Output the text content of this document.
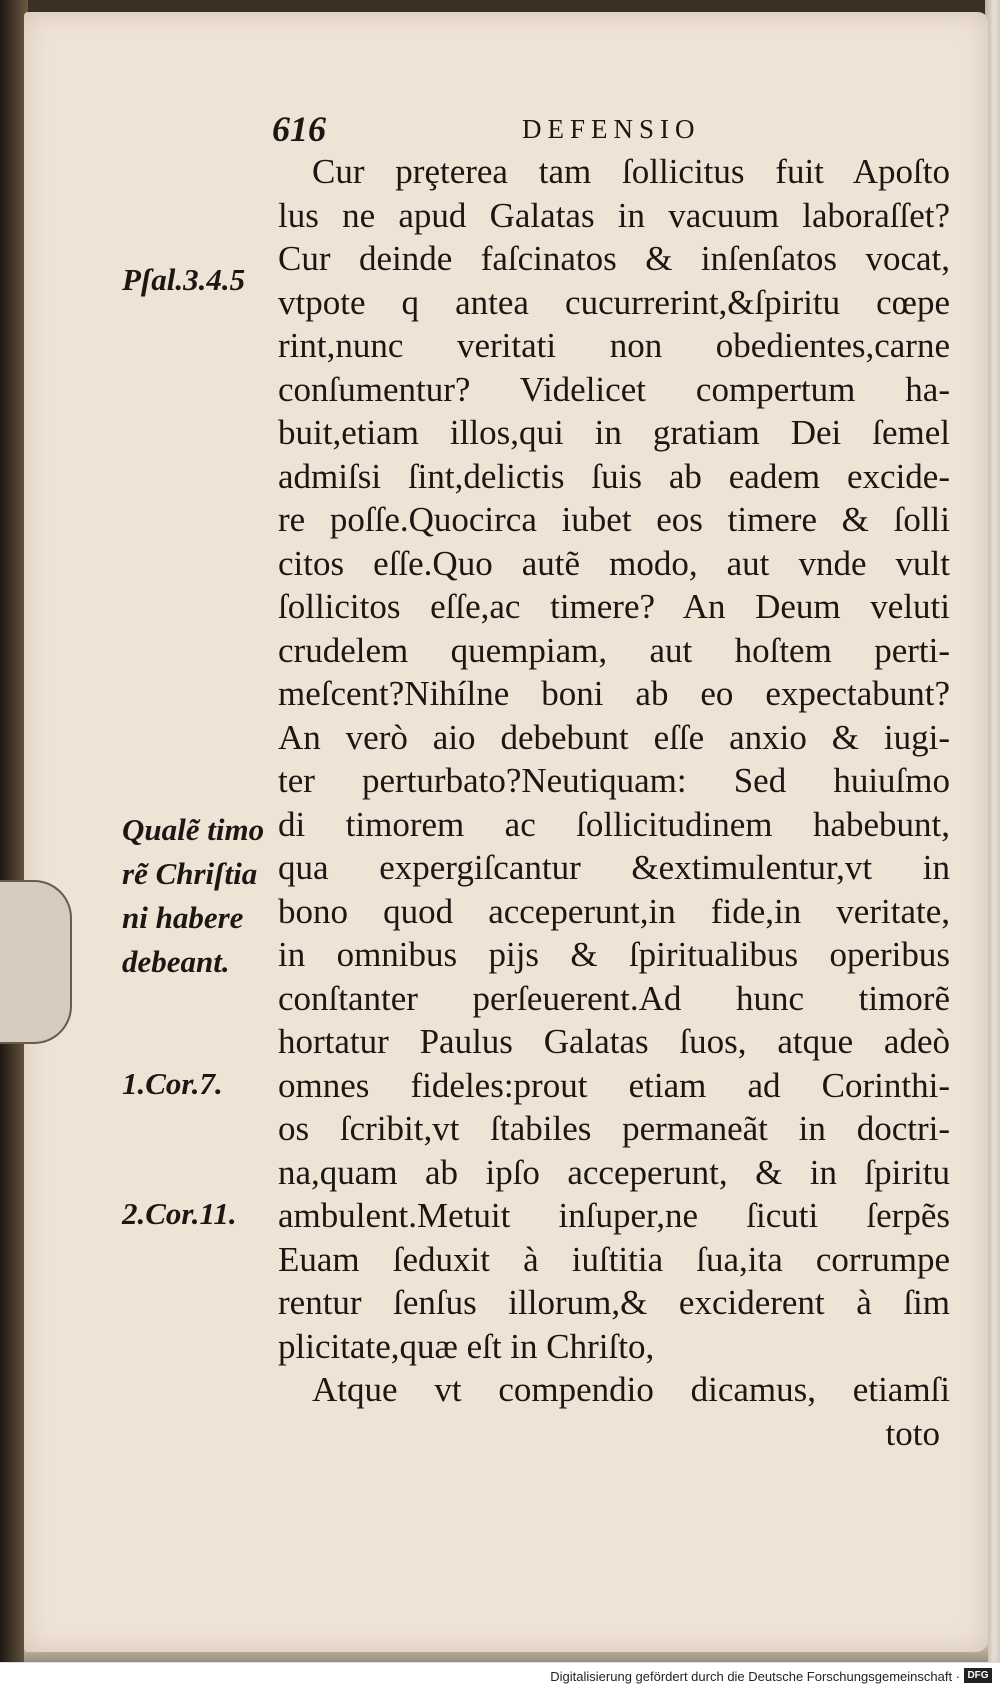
616	DEFENSIO
Pſal.3.4.5
Qualẽ timo
rẽ Chriſtia
ni habere
debeant.
1.Cor.7.
2.Cor.11.
Cur prȩterea tam ſollicitus fuit Apoſto
lus ne apud Galatas in vacuum laboraſſet?
Cur deinde faſcinatos & inſenſatos vocat,
vtpote q antea cucurrerint,&ſpiritu cœpe
rint,nunc veritati non obedientes,carne
conſumentur? Videlicet compertum ha-
buit,etiam illos,qui in gratiam Dei ſemel
admiſsi ſint,delictis ſuis ab eadem excide-
re poſſe.Quocirca iubet eos timere & ſolli
citos eſſe.Quo autẽ modo, aut vnde vult
ſollicitos eſſe,ac timere? An Deum veluti
crudelem quempiam, aut hoſtem perti-
meſcent?Nihílne boni ab eo expectabunt?
An verò aio debebunt eſſe anxio & iugi-
ter perturbato?Neutiquam: Sed huiuſmo
di timorem ac ſollicitudinem habebunt,
qua expergiſcantur &extimulentur,vt in
bono quod acceperunt,in fide,in veritate,
in omnibus pijs & ſpiritualibus operibus
conſtanter perſeuerent.Ad hunc timorẽ
hortatur Paulus Galatas ſuos, atque adeò
omnes fideles:prout etiam ad Corinthi-
os ſcribit,vt ſtabiles permaneãt in doctri-
na,quam ab ipſo acceperunt, & in ſpiritu
ambulent.Metuit inſuper,ne ſicuti ſerpẽs
Euam ſeduxit à iuſtitia ſua,ita corrumpe
rentur ſenſus illorum,& exciderent à ſim
plicitate,quæ eſt in Chriſto,
Atque vt compendio dicamus, etiamſi
toto
Digitalisierung gefördert durch die Deutsche Forschungsgemeinschaft · DFG
